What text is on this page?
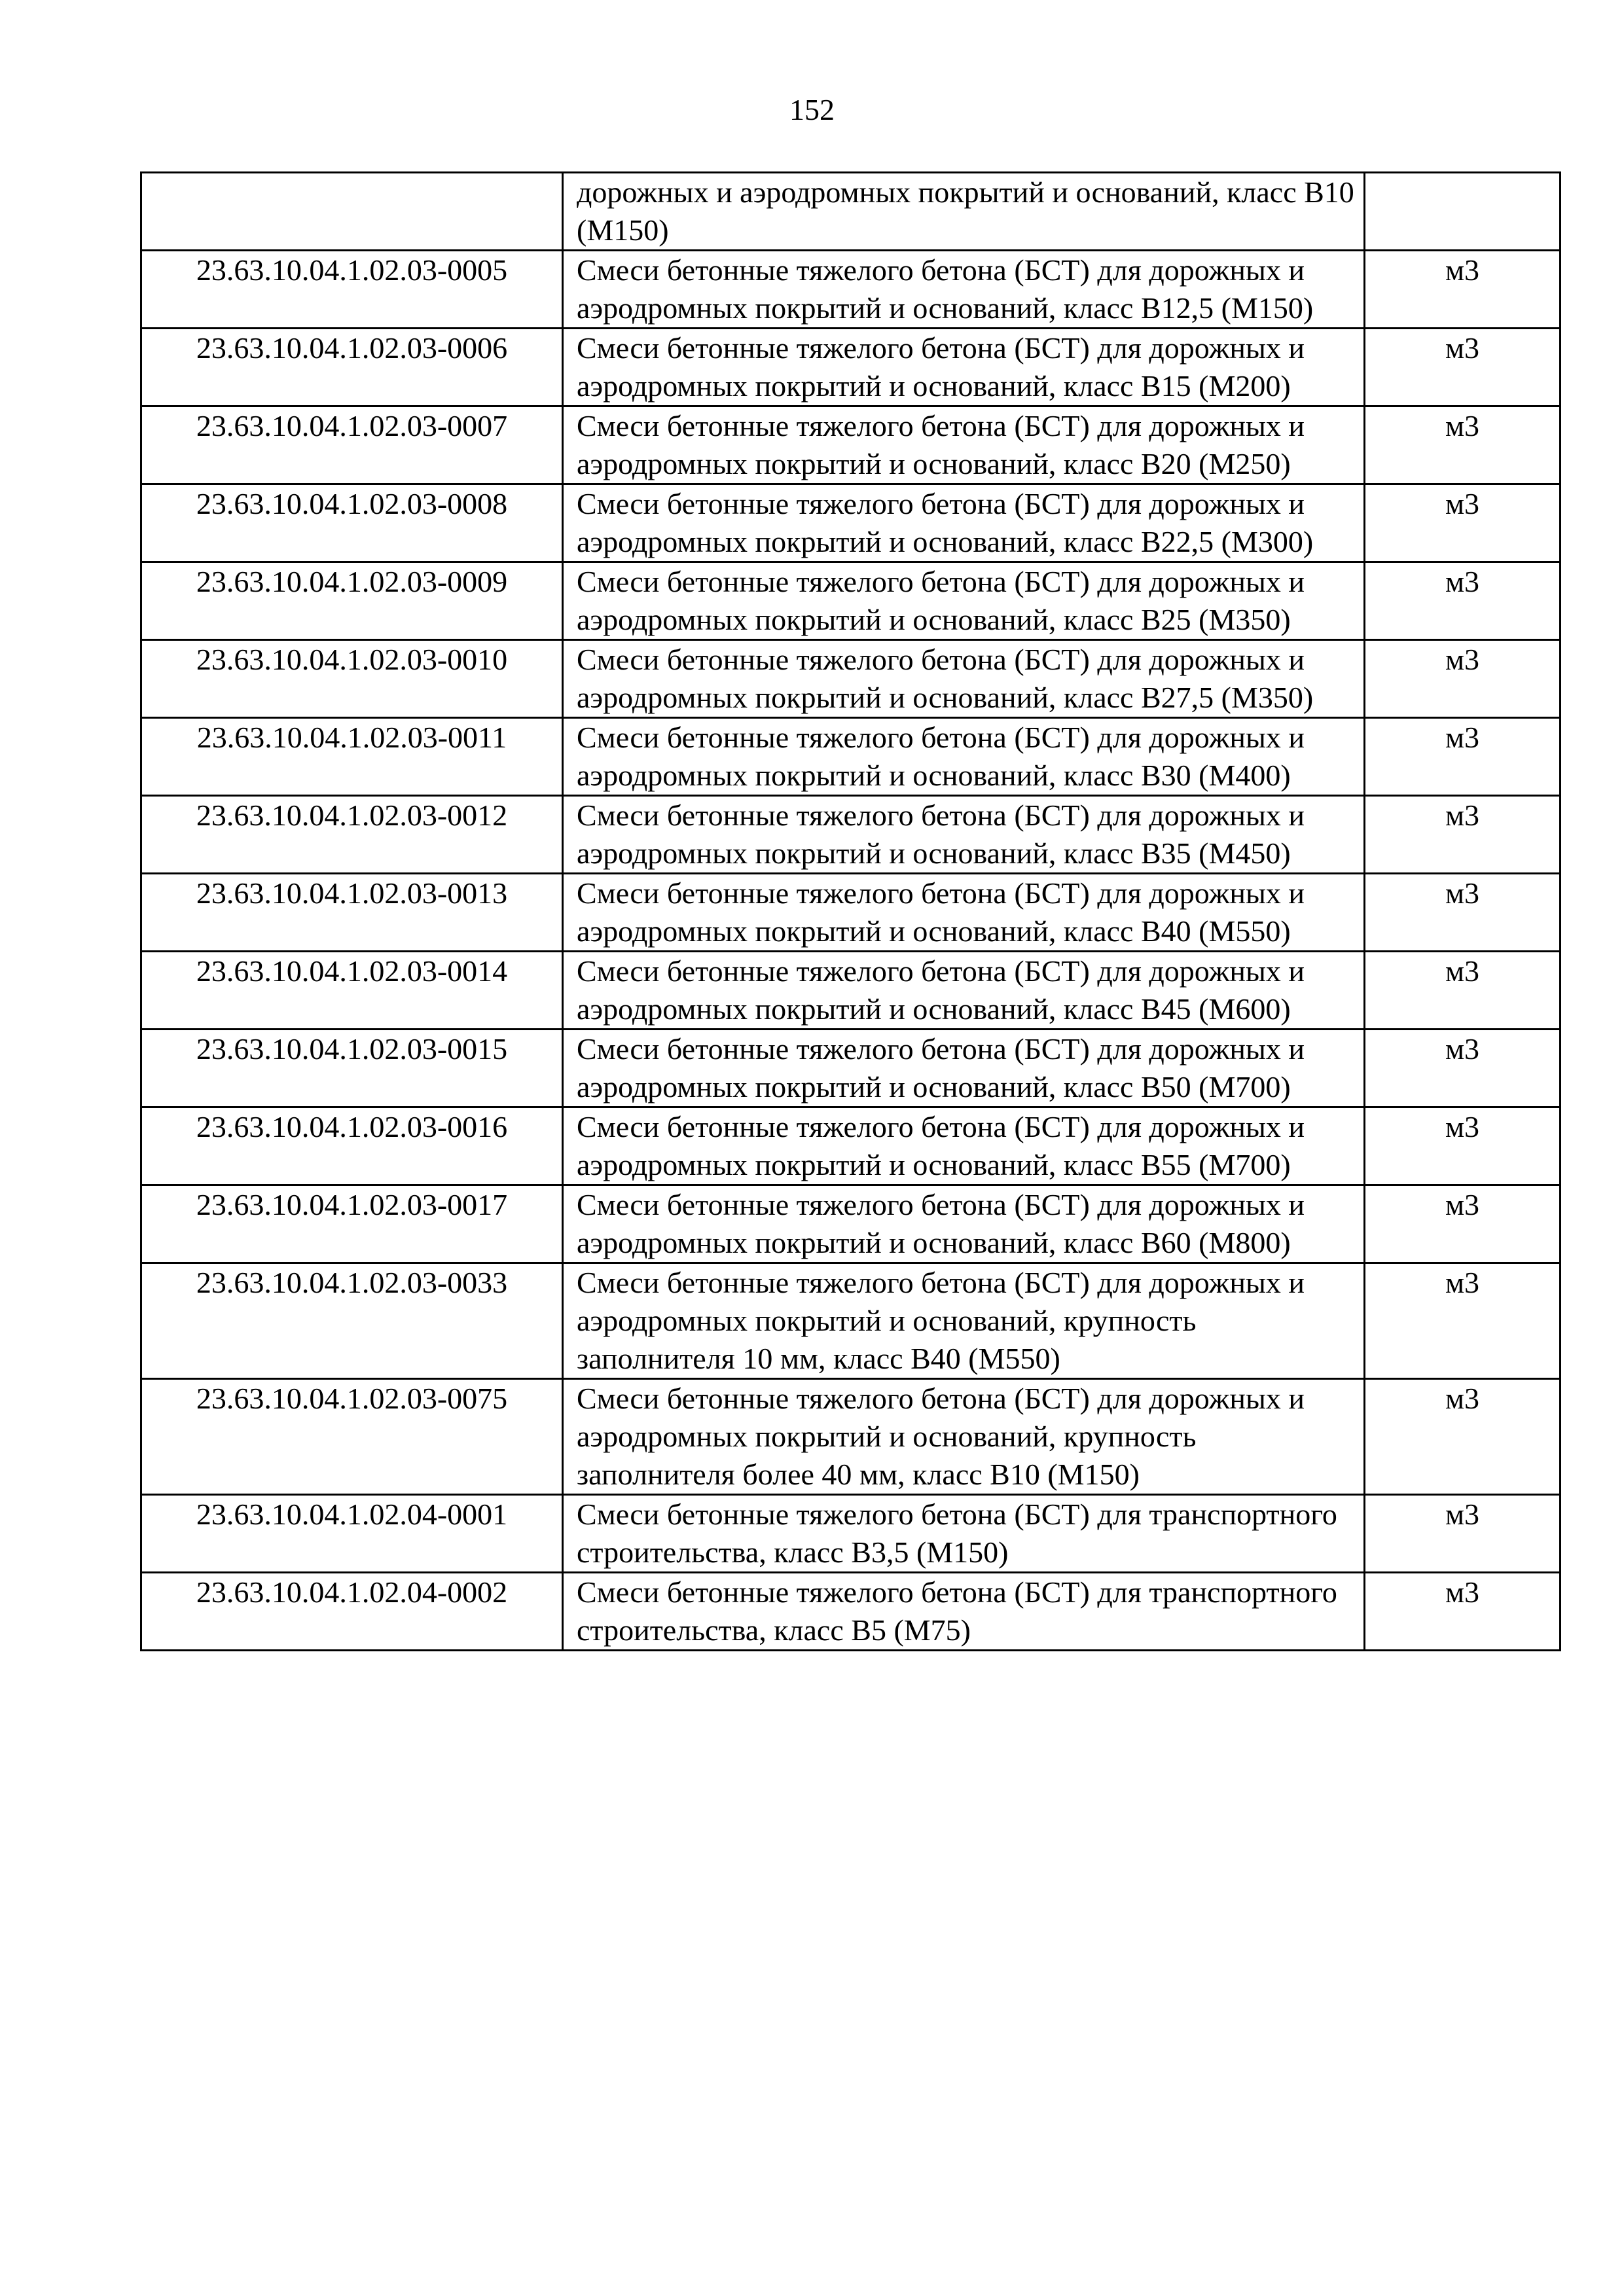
152
	дорожных и аэродромных покрытий и оснований, класс B10 (М150)	
23.63.10.04.1.02.03-0005	Смеси бетонные тяжелого бетона (БСТ) для дорожных и аэродромных покрытий и оснований, класс B12,5 (М150)	м3
23.63.10.04.1.02.03-0006	Смеси бетонные тяжелого бетона (БСТ) для дорожных и аэродромных покрытий и оснований, класс B15 (М200)	м3
23.63.10.04.1.02.03-0007	Смеси бетонные тяжелого бетона (БСТ) для дорожных и аэродромных покрытий и оснований, класс B20 (М250)	м3
23.63.10.04.1.02.03-0008	Смеси бетонные тяжелого бетона (БСТ) для дорожных и аэродромных покрытий и оснований, класс B22,5 (М300)	м3
23.63.10.04.1.02.03-0009	Смеси бетонные тяжелого бетона (БСТ) для дорожных и аэродромных покрытий и оснований, класс B25 (М350)	м3
23.63.10.04.1.02.03-0010	Смеси бетонные тяжелого бетона (БСТ) для дорожных и аэродромных покрытий и оснований, класс B27,5 (М350)	м3
23.63.10.04.1.02.03-0011	Смеси бетонные тяжелого бетона (БСТ) для дорожных и аэродромных покрытий и оснований, класс B30 (М400)	м3
23.63.10.04.1.02.03-0012	Смеси бетонные тяжелого бетона (БСТ) для дорожных и аэродромных покрытий и оснований, класс B35 (М450)	м3
23.63.10.04.1.02.03-0013	Смеси бетонные тяжелого бетона (БСТ) для дорожных и аэродромных покрытий и оснований, класс B40 (М550)	м3
23.63.10.04.1.02.03-0014	Смеси бетонные тяжелого бетона (БСТ) для дорожных и аэродромных покрытий и оснований, класс B45 (М600)	м3
23.63.10.04.1.02.03-0015	Смеси бетонные тяжелого бетона (БСТ) для дорожных и аэродромных покрытий и оснований, класс B50 (М700)	м3
23.63.10.04.1.02.03-0016	Смеси бетонные тяжелого бетона (БСТ) для дорожных и аэродромных покрытий и оснований, класс B55 (М700)	м3
23.63.10.04.1.02.03-0017	Смеси бетонные тяжелого бетона (БСТ) для дорожных и аэродромных покрытий и оснований, класс B60 (М800)	м3
23.63.10.04.1.02.03-0033	Смеси бетонные тяжелого бетона (БСТ) для дорожных и аэродромных покрытий и оснований, крупность заполнителя 10 мм, класс B40 (М550)	м3
23.63.10.04.1.02.03-0075	Смеси бетонные тяжелого бетона (БСТ) для дорожных и аэродромных покрытий и оснований, крупность заполнителя более 40 мм, класс B10 (М150)	м3
23.63.10.04.1.02.04-0001	Смеси бетонные тяжелого бетона (БСТ) для транспортного строительства, класс B3,5 (М150)	м3
23.63.10.04.1.02.04-0002	Смеси бетонные тяжелого бетона (БСТ) для транспортного строительства, класс B5 (М75)	м3
